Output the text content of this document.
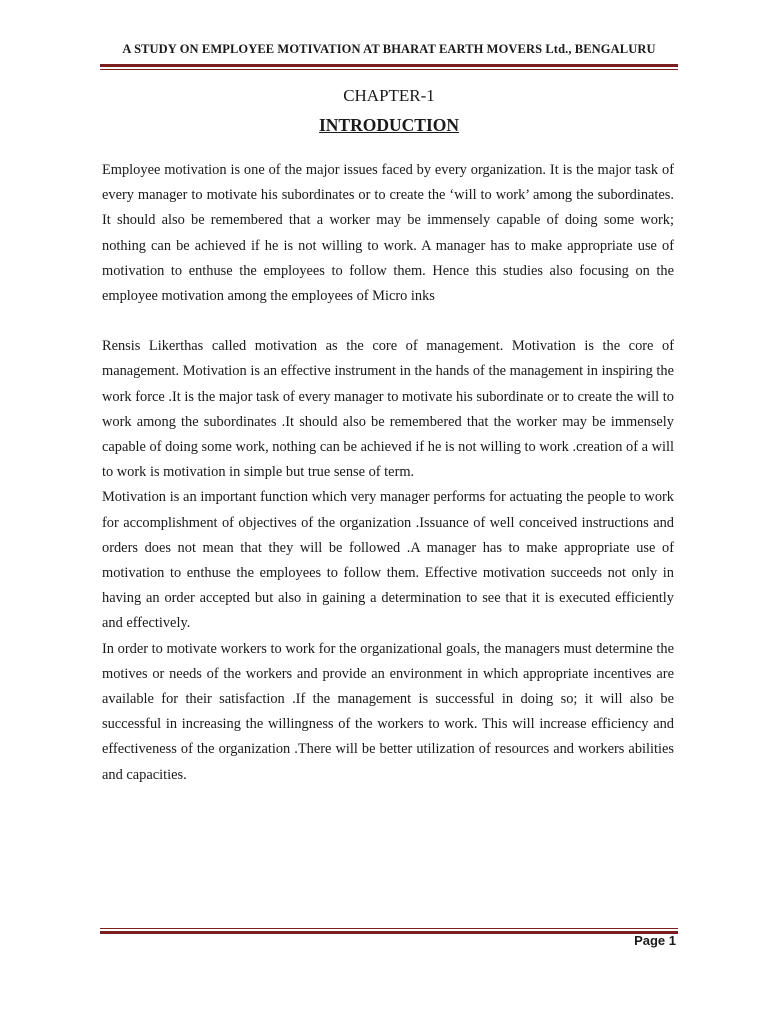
A STUDY ON EMPLOYEE MOTIVATION AT BHARAT EARTH MOVERS Ltd., BENGALURU
CHAPTER-1
INTRODUCTION

Employee motivation is one of the major issues faced by every organization. It is the major task of every manager to motivate his subordinates or to create the ‘will to work’ among the subordinates. It should also be remembered that a worker may be immensely capable of doing some work; nothing can be achieved if he is not willing to work. A manager has to make appropriate use of motivation to enthuse the employees to follow them. Hence this studies also focusing on the employee motivation among the employees of Micro inks

Rensis Likerthas called motivation as the core of management. Motivation is the core of management. Motivation is an effective instrument in the hands of the management in inspiring the work force .It is the major task of every manager to motivate his subordinate or to create the will to work among the subordinates .It should also be remembered that the worker may be immensely capable of doing some work, nothing can be achieved if he is not willing to work .creation of a will to work is motivation in simple but true sense of term.

Motivation is an important function which very manager performs for actuating the people to work for accomplishment of objectives of the organization .Issuance of well conceived instructions and orders does not mean that they will be followed .A manager has to make appropriate use of motivation to enthuse the employees to follow them. Effective motivation succeeds not only in having an order accepted but also in gaining a determination to see that it is executed efficiently and effectively.

In order to motivate workers to work for the organizational goals, the managers must determine the motives or needs of the workers and provide an environment in which appropriate incentives are available for their satisfaction .If the management is successful in doing so; it will also be successful in increasing the willingness of the workers to work. This will increase efficiency and effectiveness of the organization .There will be better utilization of resources and workers abilities and capacities.

Page 1
